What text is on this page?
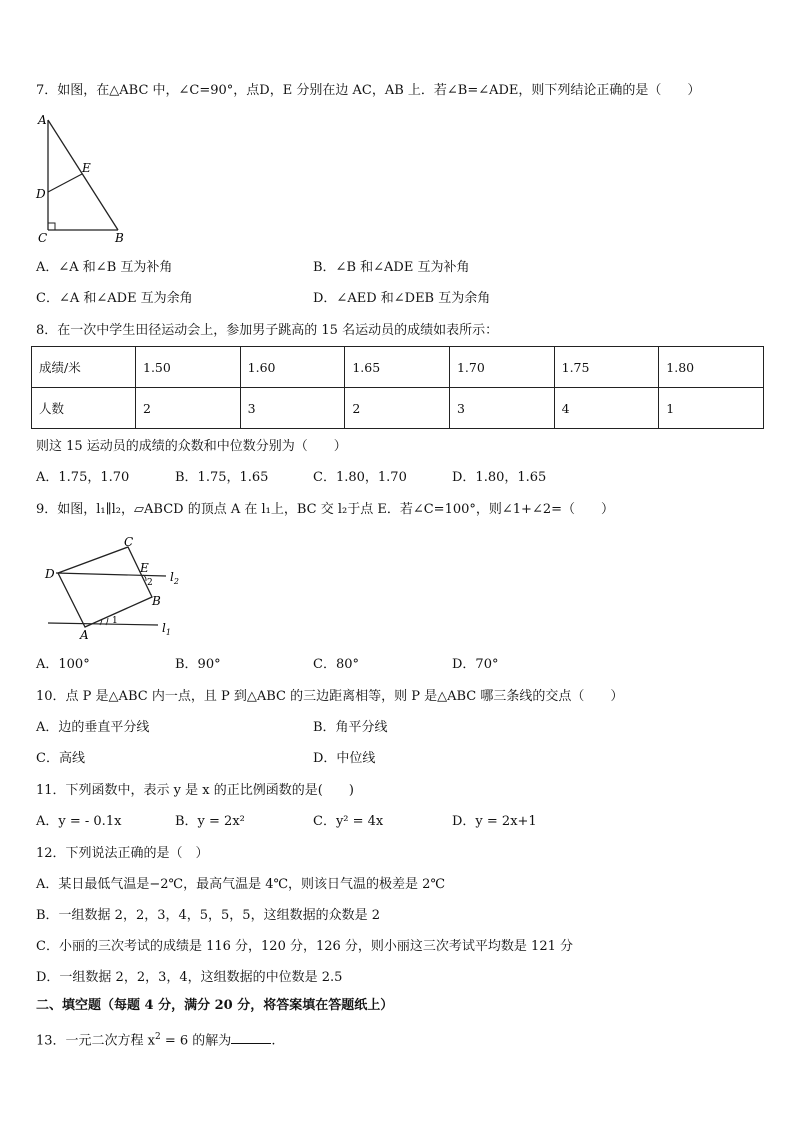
7．如图，在△ABC 中，∠C=90°，点D，E 分别在边 AC，AB 上．若∠B=∠ADE，则下列结论正确的是（　　）
A
D
E
C	B
A．∠A 和∠B 互为补角	B．∠B 和∠ADE 互为补角
C．∠A 和∠ADE 互为余角	D．∠AED 和∠DEB 互为余角
8．在一次中学生田径运动会上，参加男子跳高的 15 名运动员的成绩如表所示：
成绩/米	1.50	1.60	1.65	1.70	1.75	1.80
人数	2	3	2	3	4	1
则这 15 运动员的成绩的众数和中位数分别为（　　）
A．1.75，1.70	B．1.75，1.65	C．1.80，1.70	D．1.80，1.65
9．如图，l₁∥l₂，▱ABCD 的顶点 A 在 l₁上，BC 交 l₂于点 E．若∠C=100°，则∠1+∠2=（　　）
C
D	E
2
B
A
1
$l_2$
$l_1$
A．100°	B．90°	C．80°	D．70°
10．点 P 是△ABC 内一点，且 P 到△ABC 的三边距离相等，则 P 是△ABC 哪三条线的交点（　　）
A．边的垂直平分线	B．角平分线
C．高线	D．中位线
11．下列函数中，表示 y 是 x 的正比例函数的是(　　)
A．y = - 0.1x	B．y = 2x²	C．y² = 4x	D．y = 2x+1
12．下列说法正确的是（　）
A．某日最低气温是−2℃，最高气温是 4℃，则该日气温的极差是 2℃
B．一组数据 2，2，3，4，5，5，5，这组数据的众数是 2
C．小丽的三次考试的成绩是 116 分，120 分，126 分，则小丽这三次考试平均数是 121 分
D．一组数据 2，2，3，4，这组数据的中位数是 2.5
二、填空题（每题 4 分，满分 20 分，将答案填在答题纸上）
13．一元二次方程 $x^2 = 6$ 的解为	.
